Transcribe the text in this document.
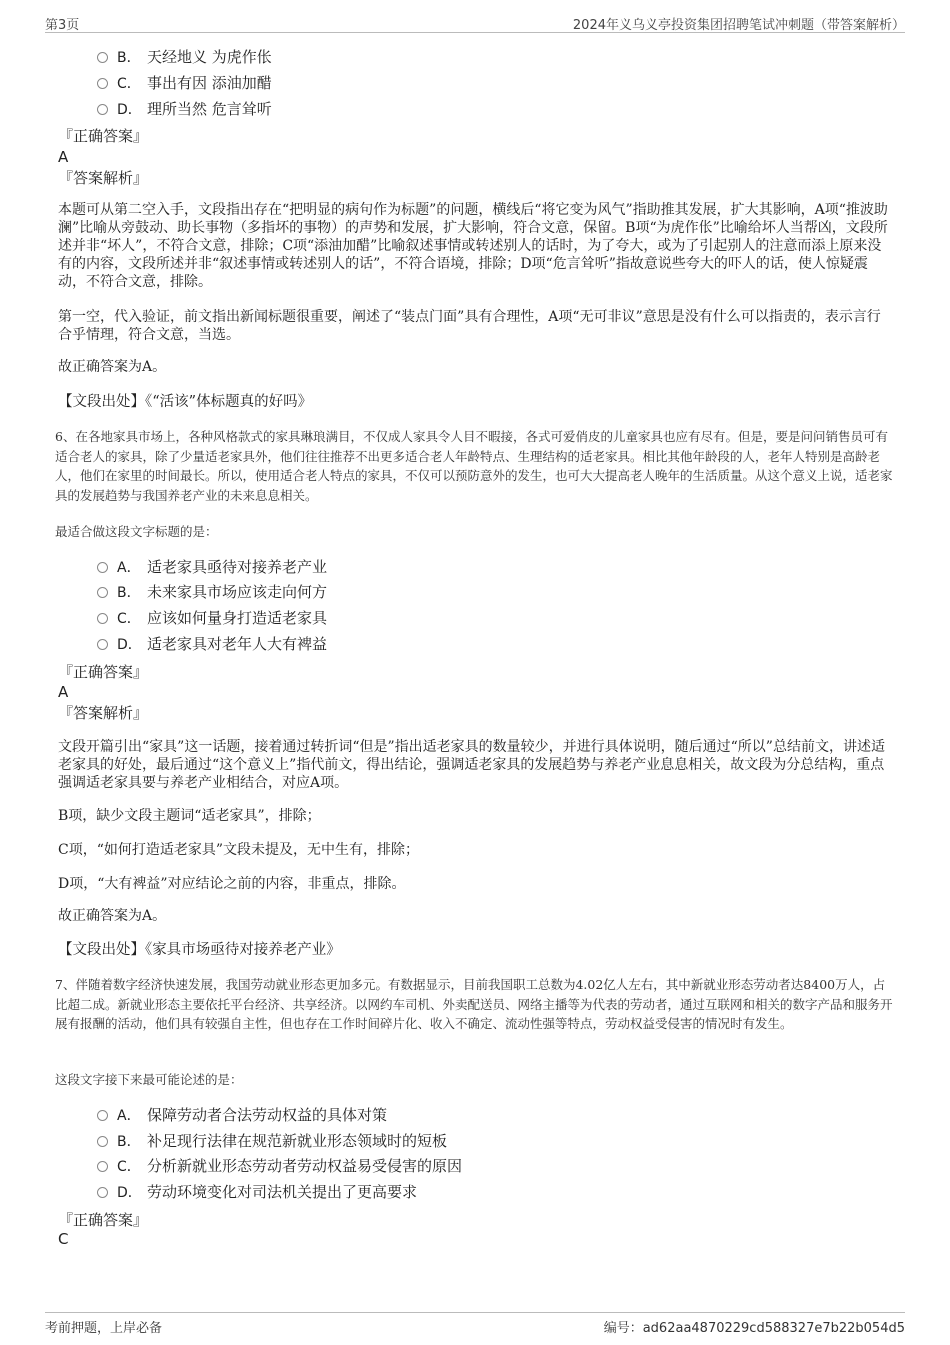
第3页	2024年义乌义亭投资集团招聘笔试冲刺题（带答案解析）
B． 天经地义 为虎作伥
C． 事出有因 添油加醋
D． 理所当然 危言耸听
『正确答案』
A
『答案解析』
本题可从第二空入手，文段指出存在“把明显的病句作为标题”的问题，横线后“将它变为风气”指助推其发展，扩大其影响，A项“推波助澜”比喻从旁鼓动、助长事物（多指坏的事物）的声势和发展，扩大影响，符合文意，保留。B项“为虎作伥”比喻给坏人当帮凶，文段所述并非“坏人”，不符合文意，排除；C项“添油加醋”比喻叙述事情或转述别人的话时，为了夸大，或为了引起别人的注意而添上原来没有的内容，文段所述并非“叙述事情或转述别人的话”，不符合语境，排除；D项“危言耸听”指故意说些夸大的吓人的话，使人惊疑震动，不符合文意，排除。
第一空，代入验证，前文指出新闻标题很重要，阐述了“装点门面”具有合理性，A项“无可非议”意思是没有什么可以指责的，表示言行合乎情理，符合文意，当选。
故正确答案为A。
【文段出处】《“活该”体标题真的好吗》
6、在各地家具市场上，各种风格款式的家具琳琅满目，不仅成人家具令人目不暇接，各式可爱俏皮的儿童家具也应有尽有。但是，要是问问销售员可有适合老人的家具，除了少量适老家具外，他们往往推荐不出更多适合老人年龄特点、生理结构的适老家具。相比其他年龄段的人，老年人特别是高龄老人，他们在家里的时间最长。所以，使用适合老人特点的家具，不仅可以预防意外的发生，也可大大提高老人晚年的生活质量。从这个意义上说，适老家具的发展趋势与我国养老产业的未来息息相关。
最适合做这段文字标题的是：
A． 适老家具亟待对接养老产业
B． 未来家具市场应该走向何方
C． 应该如何量身打造适老家具
D． 适老家具对老年人大有裨益
『正确答案』
A
『答案解析』
文段开篇引出“家具”这一话题，接着通过转折词“但是”指出适老家具的数量较少，并进行具体说明，随后通过“所以”总结前文，讲述适老家具的好处，最后通过“这个意义上”指代前文，得出结论，强调适老家具的发展趋势与养老产业息息相关，故文段为分总结构，重点强调适老家具要与养老产业相结合，对应A项。
B项，缺少文段主题词“适老家具”，排除；
C项，“如何打造适老家具”文段未提及，无中生有，排除；
D项，“大有裨益”对应结论之前的内容，非重点，排除。
故正确答案为A。
【文段出处】《家具市场亟待对接养老产业》
7、伴随着数字经济快速发展，我国劳动就业形态更加多元。有数据显示，目前我国职工总数为4.02亿人左右，其中新就业形态劳动者达8400万人，占比超二成。新就业形态主要依托平台经济、共享经济。以网约车司机、外卖配送员、网络主播等为代表的劳动者，通过互联网和相关的数字产品和服务开展有报酬的活动，他们具有较强自主性，但也存在工作时间碎片化、收入不确定、流动性强等特点，劳动权益受侵害的情况时有发生。
这段文字接下来最可能论述的是：
A． 保障劳动者合法劳动权益的具体对策
B． 补足现行法律在规范新就业形态领域时的短板
C． 分析新就业形态劳动者劳动权益易受侵害的原因
D． 劳动环境变化对司法机关提出了更高要求
『正确答案』
C
考前押题，上岸必备	编号：ad62aa4870229cd588327e7b22b054d5
